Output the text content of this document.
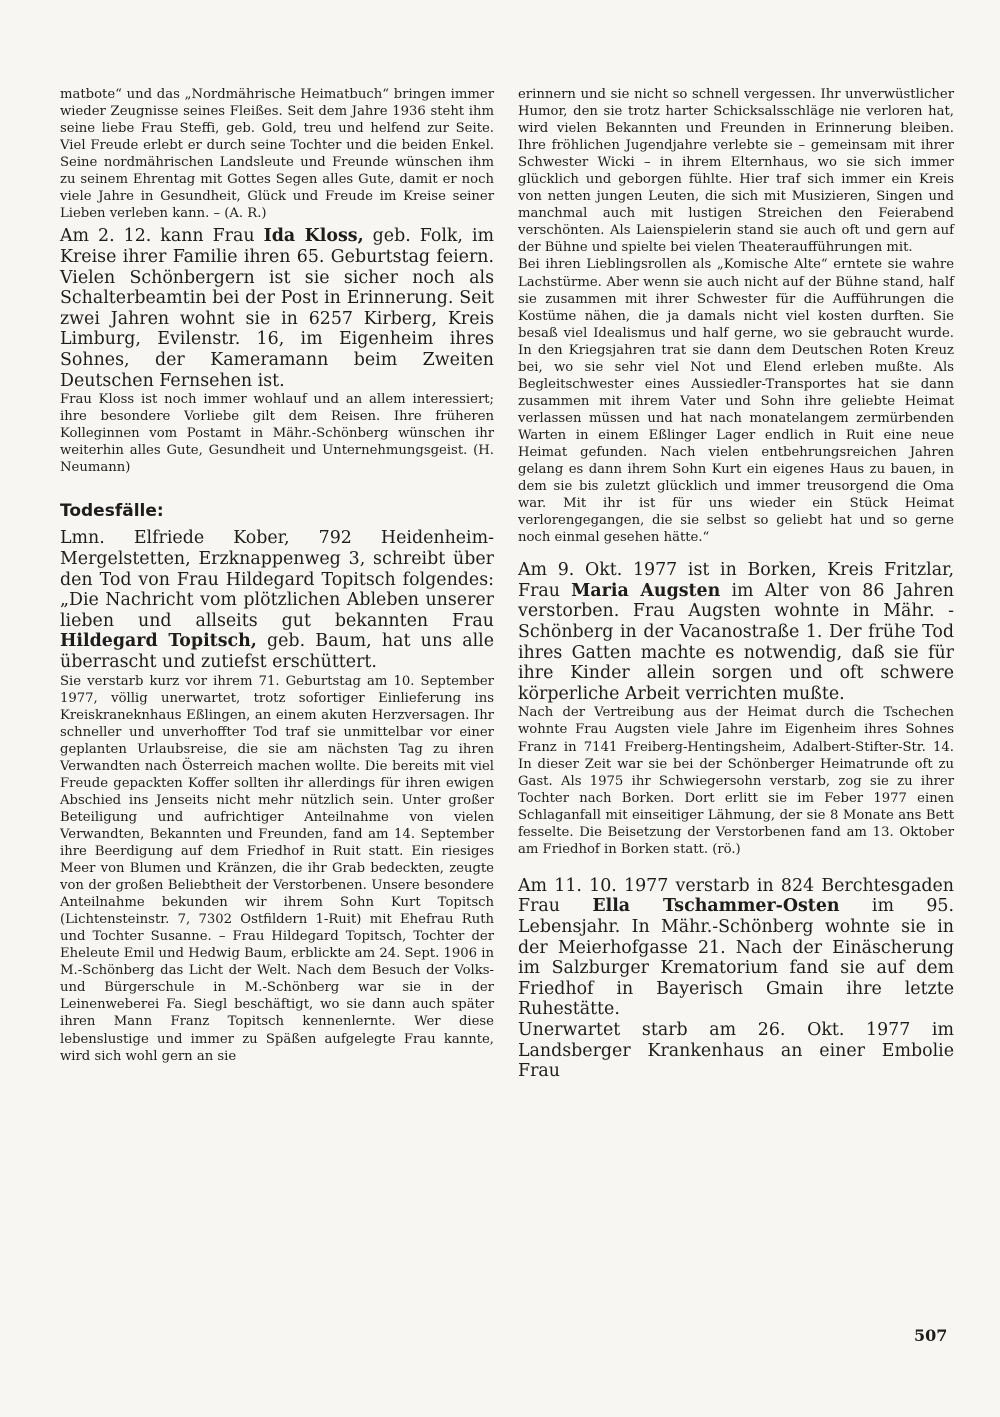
matbote“ und das „Nordmährische Heimatbuch“ bringen immer wieder Zeugnisse seines Fleißes. Seit dem Jahre 1936 steht ihm seine liebe Frau Steffi, geb. Gold, treu und helfend zur Seite. Viel Freude erlebt er durch seine Tochter und die beiden Enkel. Seine nordmährischen Landsleute und Freunde wünschen ihm zu seinem Ehrentag mit Gottes Segen alles Gute, damit er noch viele Jahre in Gesundheit, Glück und Freude im Kreise seiner Lieben verleben kann. – (A. R.)

Am 2. 12. kann Frau Ida Kloss, geb. Folk, im Kreise ihrer Familie ihren 65. Geburtstag feiern. Vielen Schönbergern ist sie sicher noch als Schalterbeamtin bei der Post in Erinnerung. Seit zwei Jahren wohnt sie in 6257 Kirberg, Kreis Limburg, Evilenstr. 16, im Eigenheim ihres Sohnes, der Kameramann beim Zweiten Deutschen Fernsehen ist.

Frau Kloss ist noch immer wohlauf und an allem interessiert; ihre besondere Vorliebe gilt dem Reisen. Ihre früheren Kolleginnen vom Postamt in Mähr.-Schönberg wünschen ihr weiterhin alles Gute, Gesundheit und Unternehmungsgeist. (H. Neumann)

Todesfälle:

Lmn. Elfriede Kober, 792 Heidenheim-Mergelstetten, Erzknappenweg 3, schreibt über den Tod von Frau Hildegard Topitsch folgendes: „Die Nachricht vom plötzlichen Ableben unserer lieben und allseits gut bekannten Frau Hildegard Topitsch, geb. Baum, hat uns alle überrascht und zutiefst erschüttert.

Sie verstarb kurz vor ihrem 71. Geburtstag am 10. September 1977, völlig unerwartet, trotz sofortiger Einlieferung ins Kreiskraneknhaus Eßlingen, an einem akuten Herzversagen. Ihr schneller und unverhoffter Tod traf sie unmittelbar vor einer geplanten Urlaubsreise, die sie am nächsten Tag zu ihren Verwandten nach Österreich machen wollte. Die bereits mit viel Freude gepackten Koffer sollten ihr allerdings für ihren ewigen Abschied ins Jenseits nicht mehr nützlich sein. Unter großer Beteiligung und aufrichtiger Anteilnahme von vielen Verwandten, Bekannten und Freunden, fand am 14. September ihre Beerdigung auf dem Friedhof in Ruit statt. Ein riesiges Meer von Blumen und Kränzen, die ihr Grab bedeckten, zeugte von der großen Beliebtheit der Verstorbenen. Unsere besondere Anteilnahme bekunden wir ihrem Sohn Kurt Topitsch (Lichtensteinstr. 7, 7302 Ostfildern 1-Ruit) mit Ehefrau Ruth und Tochter Susanne. – Frau Hildegard Topitsch, Tochter der Eheleute Emil und Hedwig Baum, erblickte am 24. Sept. 1906 in M.-Schönberg das Licht der Welt. Nach dem Besuch der Volks- und Bürgerschule in M.-Schönberg war sie in der Leinenweberei Fa. Siegl beschäftigt, wo sie dann auch später ihren Mann Franz Topitsch kennenlernte. Wer diese lebenslustige und immer zu Späßen aufgelegte Frau kannte, wird sich wohl gern an sie

erinnern und sie nicht so schnell vergessen. Ihr unverwüstlicher Humor, den sie trotz harter Schicksalsschläge nie verloren hat, wird vielen Bekannten und Freunden in Erinnerung bleiben. Ihre fröhlichen Jugendjahre verlebte sie – gemeinsam mit ihrer Schwester Wicki – in ihrem Elternhaus, wo sie sich immer glücklich und geborgen fühlte. Hier traf sich immer ein Kreis von netten jungen Leuten, die sich mit Musizieren, Singen und manchmal auch mit lustigen Streichen den Feierabend verschönten. Als Laienspielerin stand sie auch oft und gern auf der Bühne und spielte bei vielen Theateraufführungen mit.

Bei ihren Lieblingsrollen als „Komische Alte“ erntete sie wahre Lachstürme. Aber wenn sie auch nicht auf der Bühne stand, half sie zusammen mit ihrer Schwester für die Aufführungen die Kostüme nähen, die ja damals nicht viel kosten durften. Sie besaß viel Idealismus und half gerne, wo sie gebraucht wurde. In den Kriegsjahren trat sie dann dem Deutschen Roten Kreuz bei, wo sie sehr viel Not und Elend erleben mußte. Als Begleitschwester eines Aussiedler-Transportes hat sie dann zusammen mit ihrem Vater und Sohn ihre geliebte Heimat verlassen müssen und hat nach monatelangem zermürbenden Warten in einem Eßlinger Lager endlich in Ruit eine neue Heimat gefunden. Nach vielen entbehrungsreichen Jahren gelang es dann ihrem Sohn Kurt ein eigenes Haus zu bauen, in dem sie bis zuletzt glücklich und immer treusorgend die Oma war. Mit ihr ist für uns wieder ein Stück Heimat verlorengegangen, die sie selbst so geliebt hat und so gerne noch einmal gesehen hätte.“

Am 9. Okt. 1977 ist in Borken, Kreis Fritzlar, Frau Maria Augsten im Alter von 86 Jahren verstorben. Frau Augsten wohnte in Mähr. -Schönberg in der Vacanostraße 1. Der frühe Tod ihres Gatten machte es notwendig, daß sie für ihre Kinder allein sorgen und oft schwere körperliche Arbeit verrichten mußte.

Nach der Vertreibung aus der Heimat durch die Tschechen wohnte Frau Augsten viele Jahre im Eigenheim ihres Sohnes Franz in 7141 Freiberg-Hentingsheim, Adalbert-Stifter-Str. 14. In dieser Zeit war sie bei der Schönberger Heimatrunde oft zu Gast. Als 1975 ihr Schwiegersohn verstarb, zog sie zu ihrer Tochter nach Borken. Dort erlitt sie im Feber 1977 einen Schlaganfall mit einseitiger Lähmung, der sie 8 Monate ans Bett fesselte. Die Beisetzung der Verstorbenen fand am 13. Oktober am Friedhof in Borken statt. (rö.)

Am 11. 10. 1977 verstarb in 824 Berchtesgaden Frau Ella Tschammer-Osten im 95. Lebensjahr. In Mähr.-Schönberg wohnte sie in der Meierhofgasse 21. Nach der Einäscherung im Salzburger Krematorium fand sie auf dem Friedhof in Bayerisch Gmain ihre letzte Ruhestätte.

Unerwartet starb am 26. Okt. 1977 im Landsberger Krankenhaus an einer Embolie Frau

507
